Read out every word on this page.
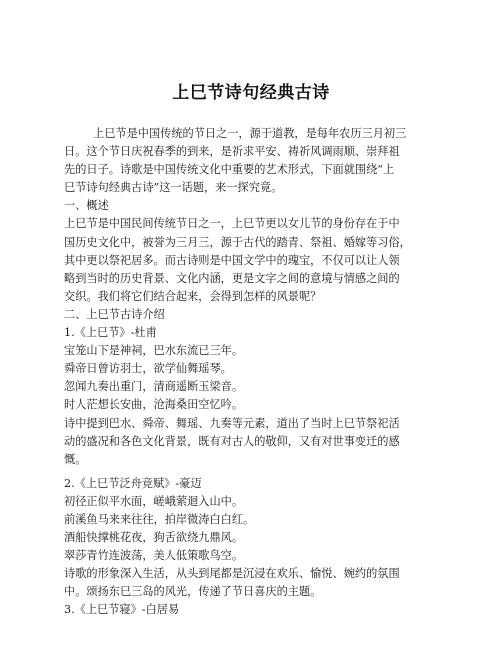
上巳节诗句经典古诗
上巳节是中国传统的节日之一，源于道教，是每年农历三月初三
日。这个节日庆祝春季的到来，是祈求平安、祷祈风调雨顺、崇拜祖
先的日子。诗歌是中国传统文化中重要的艺术形式，下面就围绕“上
巳节诗句经典古诗”这一话题，来一探究竟。
一、概述
上巳节是中国民间传统节日之一，上巳节更以女儿节的身份存在于中
国历史文化中，被誉为三月三，源于古代的踏青、祭祖、婚嫁等习俗，
其中更以祭祀居多。而古诗则是中国文学中的瑰宝，不仅可以让人领
略到当时的历史背景、文化内涵，更是文字之间的意境与情感之间的
交织。我们将它们结合起来，会得到怎样的风景呢？
二、上巳节古诗介绍
1.《上巳节》-杜甫
宝笼山下是神祠，巴水东流已三年。
舜帝日曾访羽士，欲学仙舞瑶琴。
忽闻九奏出重门，清商遥断玉梁音。
时人茫想长安曲，沧海桑田空忆吟。
诗中提到巴水、舜帝、舞瑶、九奏等元素，道出了当时上巳节祭祀活
动的盛况和各色文化背景，既有对古人的敬仰，又有对世事变迁的感
慨。
2.《上巳节泛舟竞赋》-豪迈
初径正似平水面，嵯峨萦迴入山中。
前溪鱼马来来往往，拍岸微涛白白红。
酒船快撑桃花夜，狗舌欲绕九鼎风。
翠莎青竹连波荡，美人低策歌鸟空。
诗歌的形象深入生活，从头到尾都是沉浸在欢乐、愉悦、婉约的氛围
中。颂扬东巳三岛的风光，传递了节日喜庆的主题。
3.《上巳节寝》-白居易
